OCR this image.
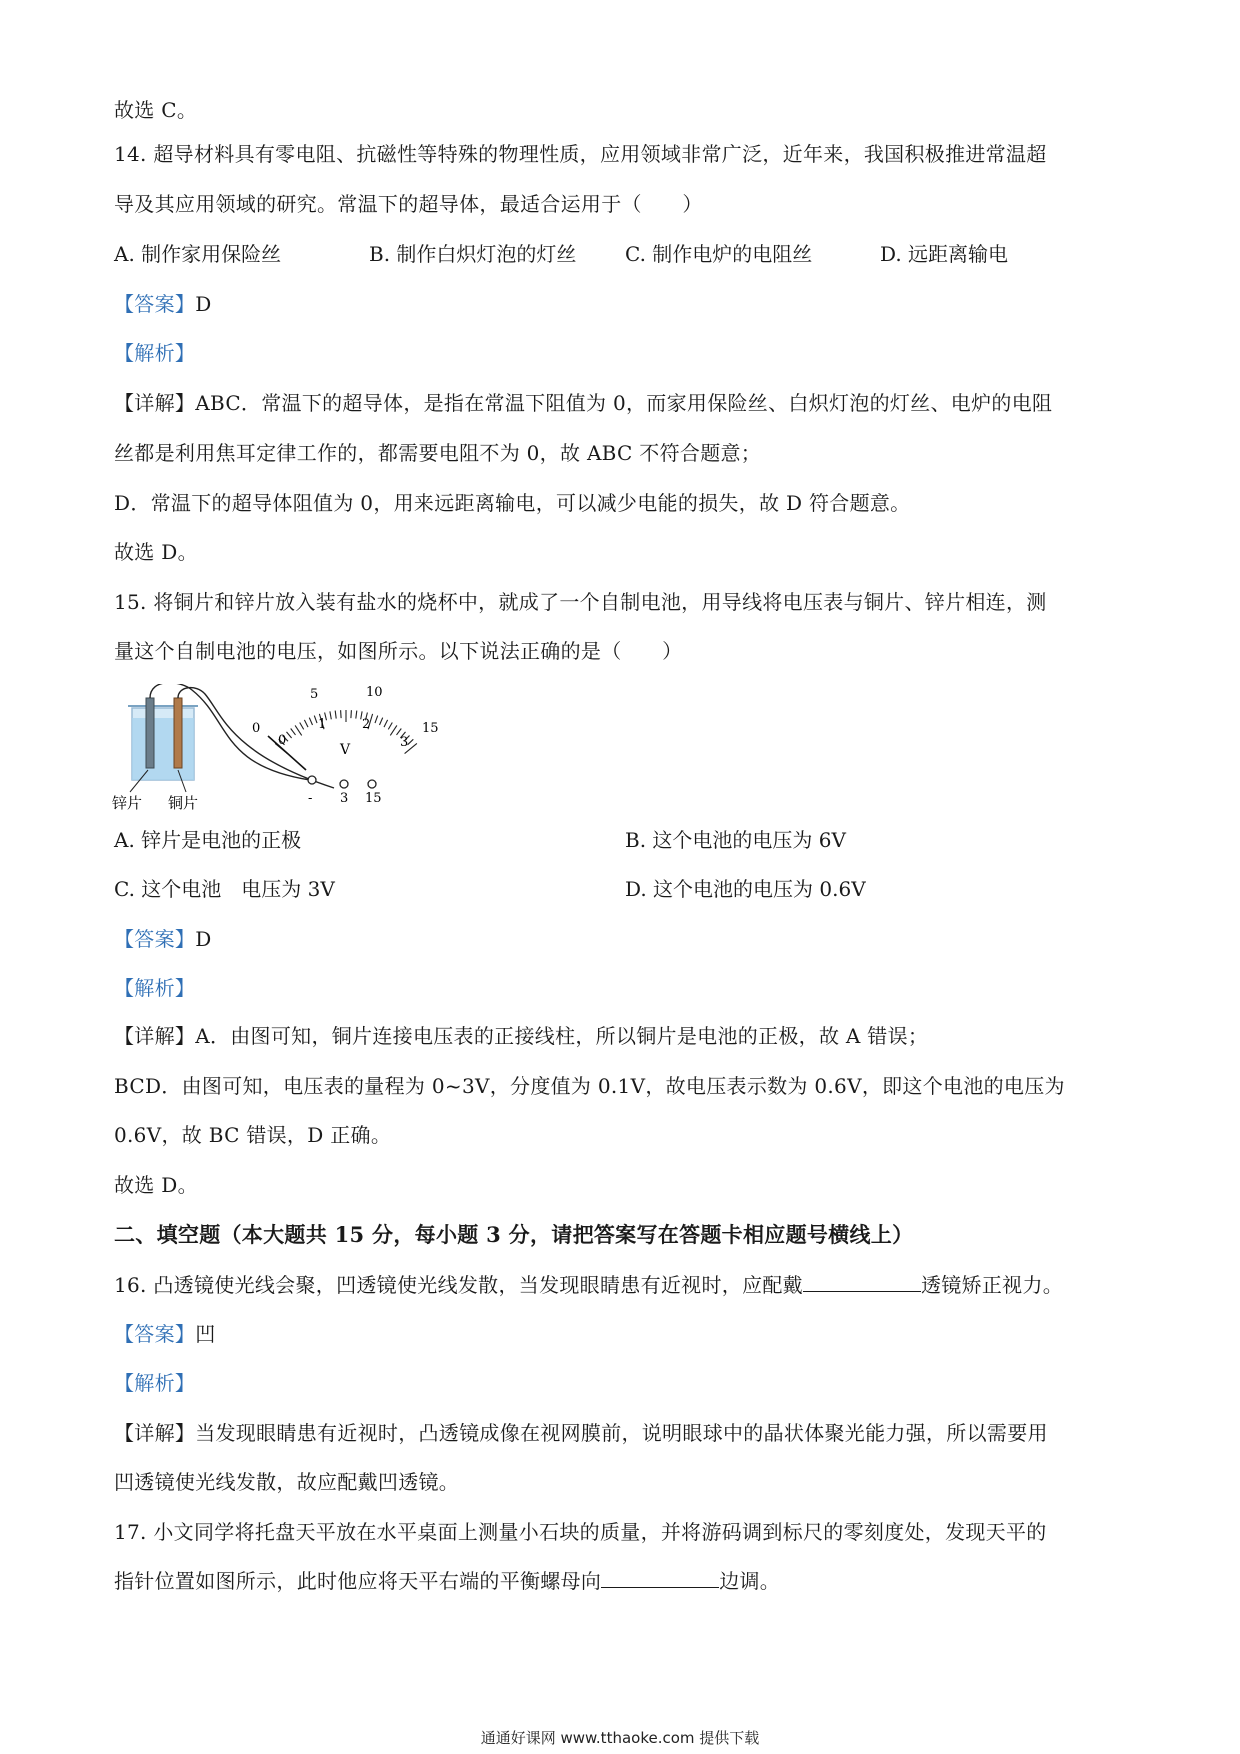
故选 C。
14. 超导材料具有零电阻、抗磁性等特殊的物理性质，应用领域非常广泛，近年来，我国积极推进常温超
导及其应用领域的研究。常温下的超导体，最适合运用于（　　）
A. 制作家用保险丝	B. 制作白炽灯泡的灯丝 C. 制作电炉的电阻丝	D. 远距离输电
【答案】D
【解析】
【详解】ABC．常温下的超导体，是指在常温下阻值为 0，而家用保险丝、白炽灯泡的灯丝、电炉的电阻
丝都是利用焦耳定律工作的，都需要电阻不为 0，故 ABC 不符合题意；
D．常温下的超导体阻值为 0，用来远距离输电，可以减少电能的损失，故 D 符合题意。
故选 D。
15. 将铜片和锌片放入装有盐水的烧杯中，就成了一个自制电池，用导线将电压表与铜片、锌片相连，测
量这个自制电池的电压，如图所示。以下说法正确的是（　　）
锌片 铜片
0
5	10
15
0
1	2
3
V
- 3 15
A. 锌片是电池的正极	B. 这个电池的电压为 6V
C. 这个电池　电压为 3V	D. 这个电池的电压为 0.6V
【答案】D
【解析】
【详解】A．由图可知，铜片连接电压表的正接线柱，所以铜片是电池的正极，故 A 错误；
BCD．由图可知，电压表的量程为 0~3V，分度值为 0.1V，故电压表示数为 0.6V，即这个电池的电压为
0.6V，故 BC 错误，D 正确。
故选 D。
二、填空题（本大题共 15 分，每小题 3 分，请把答案写在答题卡相应题号横线上）
16. 凸透镜使光线会聚，凹透镜使光线发散，当发现眼睛患有近视时，应配戴	透镜矫正视力。
【答案】凹
【解析】
【详解】当发现眼睛患有近视时，凸透镜成像在视网膜前，说明眼球中的晶状体聚光能力强，所以需要用
凹透镜使光线发散，故应配戴凹透镜。
17. 小文同学将托盘天平放在水平桌面上测量小石块的质量，并将游码调到标尺的零刻度处，发现天平的
指针位置如图所示，此时他应将天平右端的平衡螺母向	边调。
通通好课网 www.tthaoke.com 提供下载
